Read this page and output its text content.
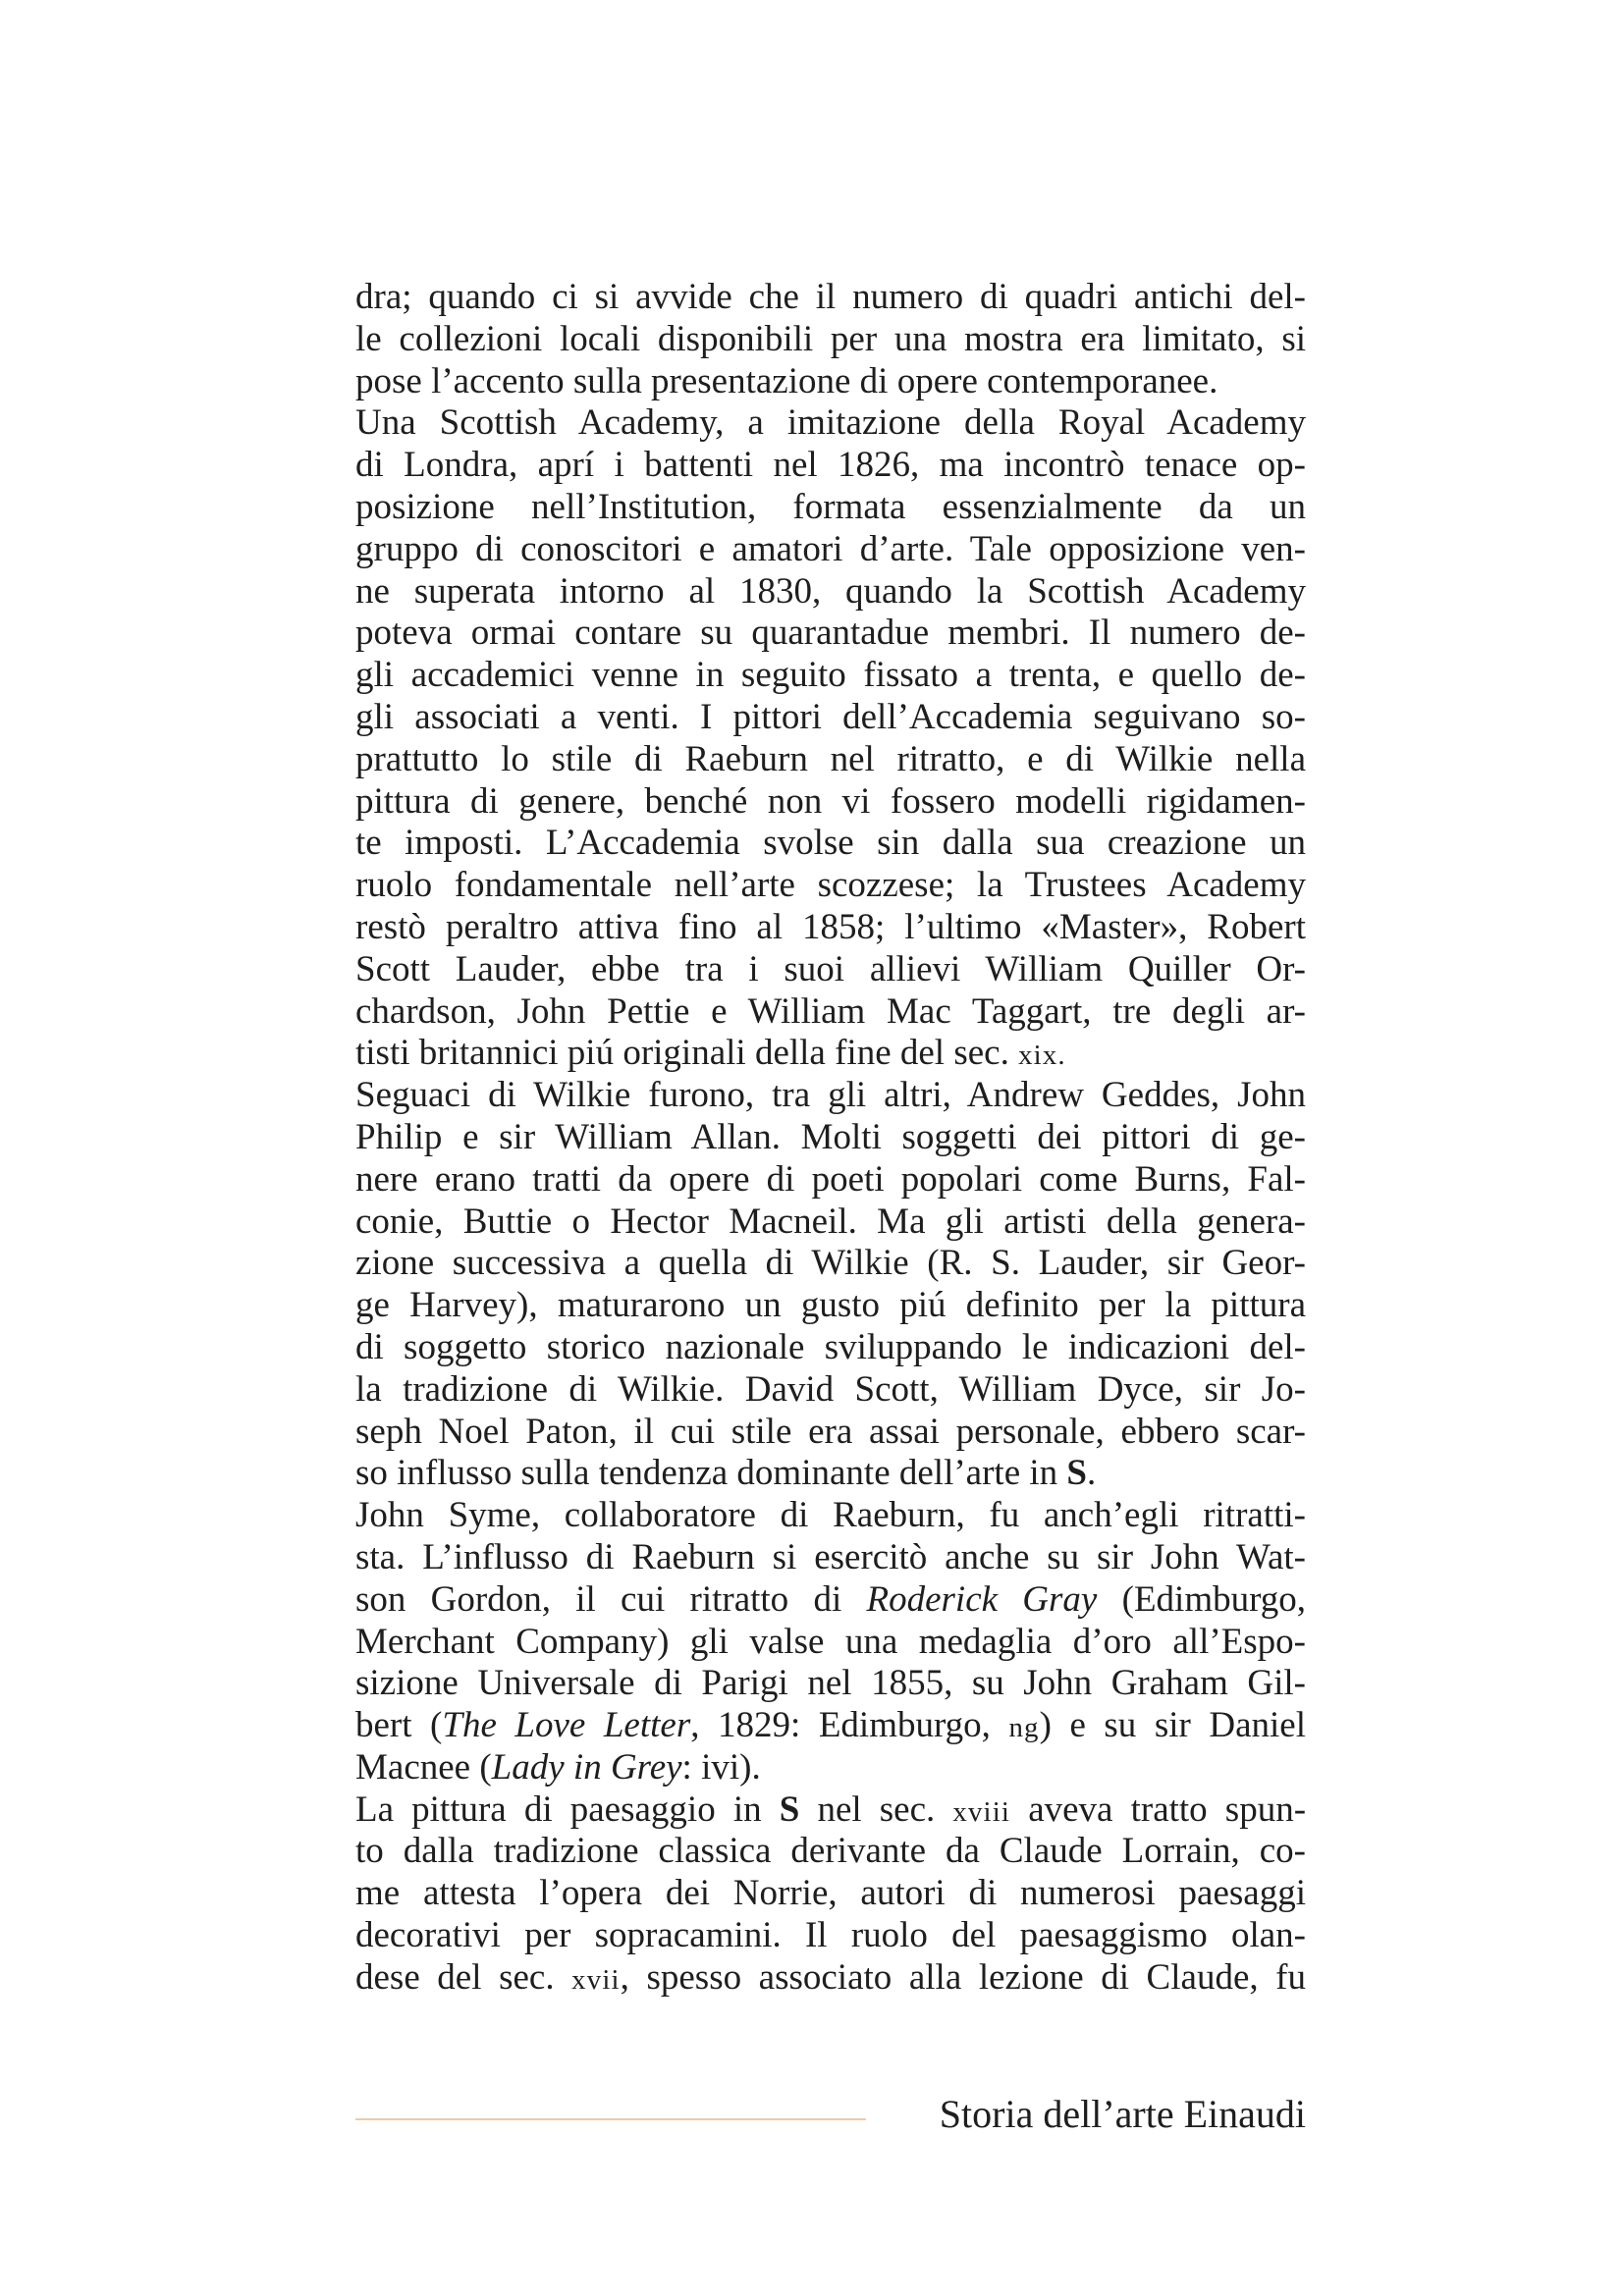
dra; quando ci si avvide che il numero di quadri antichi del-
le collezioni locali disponibili per una mostra era limitato, si
pose l’accento sulla presentazione di opere contemporanee.
Una Scottish Academy, a imitazione della Royal Academy
di Londra, aprí i battenti nel 1826, ma incontrò tenace op-
posizione nell’Institution, formata essenzialmente da un
gruppo di conoscitori e amatori d’arte. Tale opposizione ven-
ne superata intorno al 1830, quando la Scottish Academy
poteva ormai contare su quarantadue membri. Il numero de-
gli accademici venne in seguito fissato a trenta, e quello de-
gli associati a venti. I pittori dell’Accademia seguivano so-
prattutto lo stile di Raeburn nel ritratto, e di Wilkie nella
pittura di genere, benché non vi fossero modelli rigidamen-
te imposti. L’Accademia svolse sin dalla sua creazione un
ruolo fondamentale nell’arte scozzese; la Trustees Academy
restò peraltro attiva fino al 1858; l’ultimo «Master», Robert
Scott Lauder, ebbe tra i suoi allievi William Quiller Or-
chardson, John Pettie e William Mac Taggart, tre degli ar-
tisti britannici piú originali della fine del sec. xix.
Seguaci di Wilkie furono, tra gli altri, Andrew Geddes, John
Philip e sir William Allan. Molti soggetti dei pittori di ge-
nere erano tratti da opere di poeti popolari come Burns, Fal-
conie, Buttie o Hector Macneil. Ma gli artisti della genera-
zione successiva a quella di Wilkie (R. S. Lauder, sir Geor-
ge Harvey), maturarono un gusto piú definito per la pittura
di soggetto storico nazionale sviluppando le indicazioni del-
la tradizione di Wilkie. David Scott, William Dyce, sir Jo-
seph Noel Paton, il cui stile era assai personale, ebbero scar-
so influsso sulla tendenza dominante dell’arte in S.
John Syme, collaboratore di Raeburn, fu anch’egli ritratti-
sta. L’influsso di Raeburn si esercitò anche su sir John Wat-
son Gordon, il cui ritratto di Roderick Gray (Edimburgo,
Merchant Company) gli valse una medaglia d’oro all’Espo-
sizione Universale di Parigi nel 1855, su John Graham Gil-
bert (The Love Letter, 1829: Edimburgo, ng) e su sir Daniel
Macnee (Lady in Grey: ivi).
La pittura di paesaggio in S nel sec. xviii aveva tratto spun-
to dalla tradizione classica derivante da Claude Lorrain, co-
me attesta l’opera dei Norrie, autori di numerosi paesaggi
decorativi per sopracamini. Il ruolo del paesaggismo olan-
dese del sec. xvii, spesso associato alla lezione di Claude, fu
Storia dell’arte Einaudi
